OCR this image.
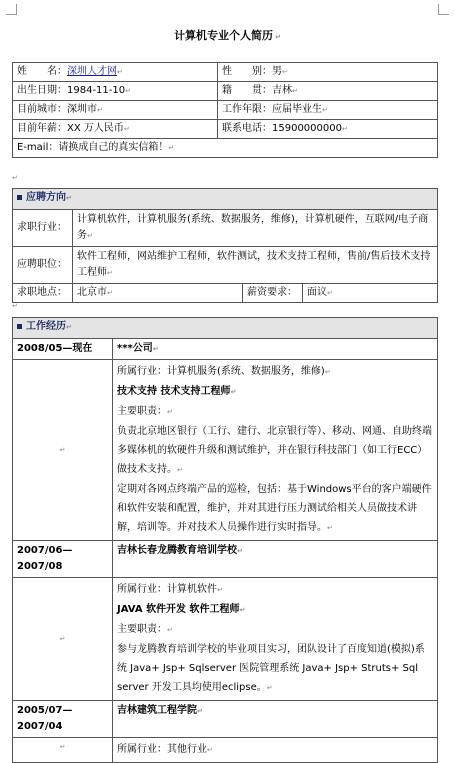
计算机专业个人简历 ↵
姓　　名：深圳人才网↵	性　　别：男↵
出生日期：1984-11-10↵	籍　　贯：吉林↵
目前城市：深圳市↵	工作年限：应届毕业生↵
目前年薪：XX 万人民币↵	联系电话：15900000000↵
E-mail：请换成自己的真实信箱！↵	
↵
应聘方向↵			
求职行业：	计算机软件，计算机服务(系统、数据服务，维修)，计算机硬件，互联网/电子商务↵		
应聘职位：	软件工程师，网站维护工程师，软件测试，技术支持工程师，售前/售后技术支持工程师↵		
求职地点：	北京市↵	薪资要求：	面议↵
↵
工作经历↵	
2008/05—现在	***公司↵
↵	所属行业：计算机服务(系统、数据服务，维修)↵
技术支持 技术支持工程师↵
主要职责：↵
负责北京地区银行（工行、建行、北京银行等）、移动、网通、自助终端多媒体机的软硬件升级和测试维护，并在银行科技部门（如工行ECC）做技术支持。↵
定期对各网点终端产品的巡检，包括：基于Windows平台的客户端硬件和软件安装和配置，维护，并对其进行压力测试给相关人员做技术讲解，培训等。并对技术人员操作进行实时指导。↵

2007/06—2007/08	吉林长春龙腾教育培训学校↵
↵	所属行业：计算机软件↵
JAVA 软件开发 软件工程师↵
主要职责：↵
参与龙腾教育培训学校的毕业项目实习，团队设计了百度知道(模拟)系统 Java+ Jsp+ Sqlserver 医院管理系统 Java+ Jsp+ Struts+ Sql server 开发工具均使用eclipse。↵

2005/07—2007/04	吉林建筑工程学院↵
↵	所属行业：其他行业↵
